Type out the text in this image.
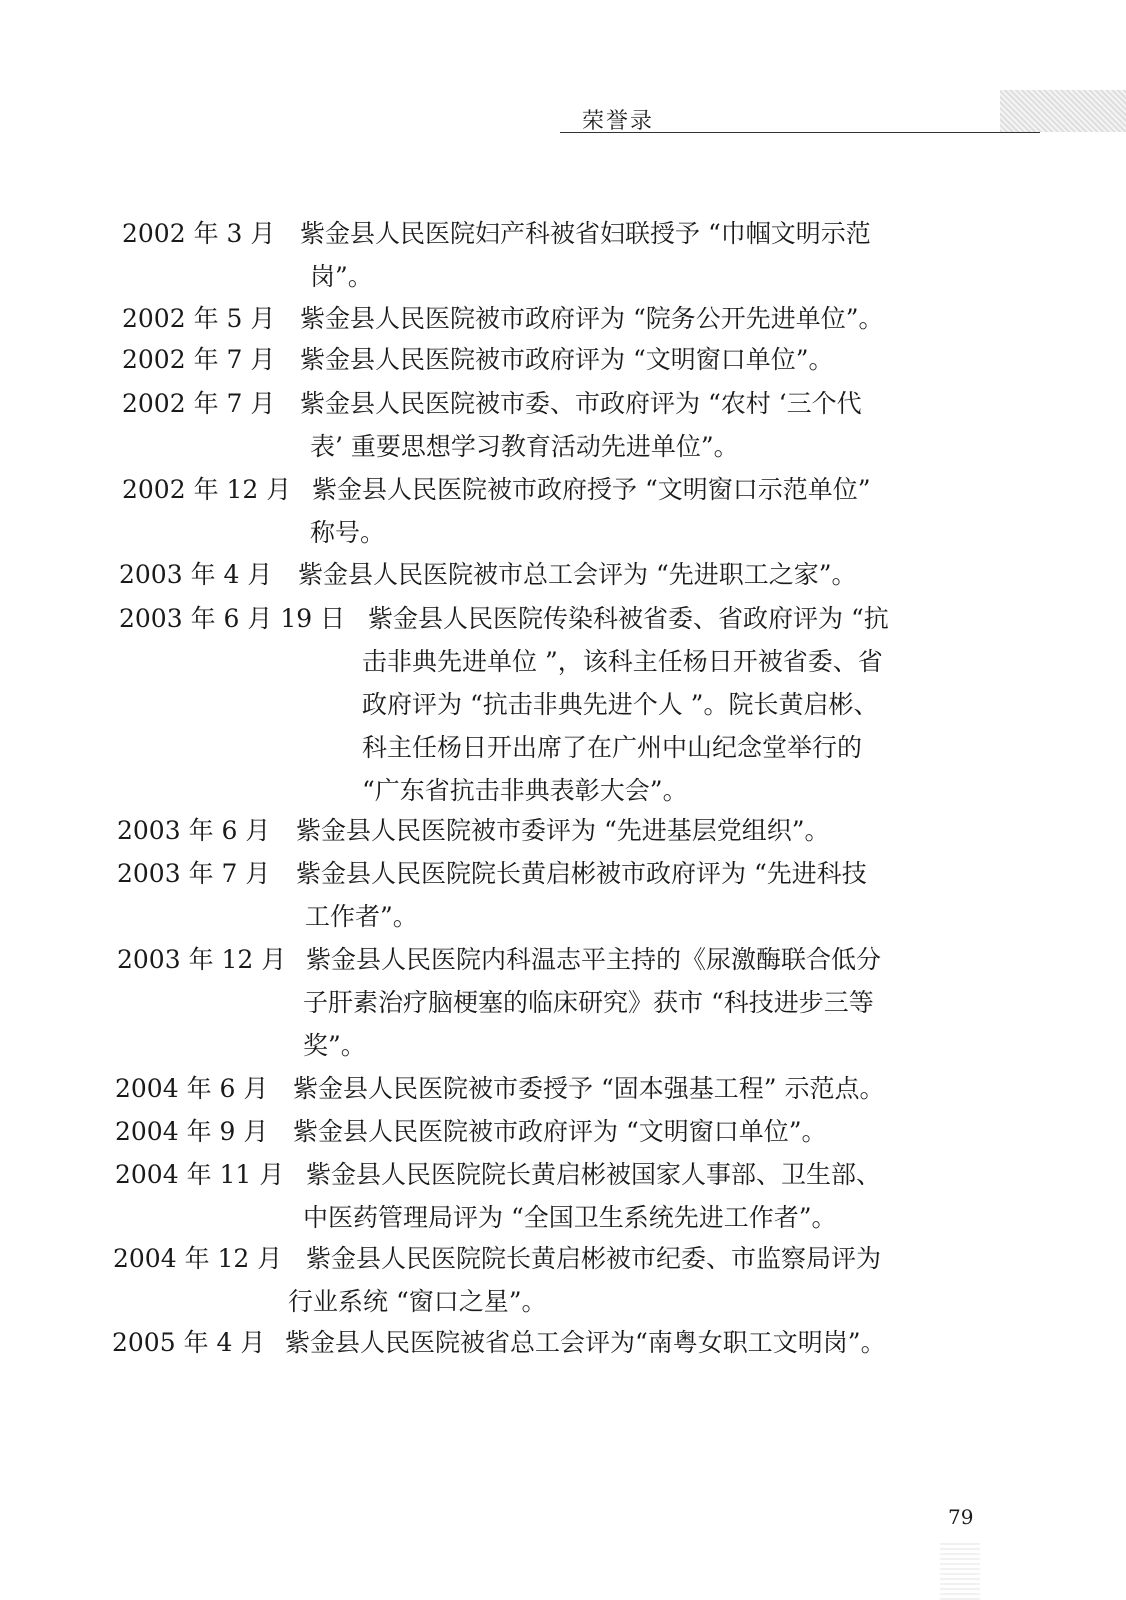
荣誉录
2002 年 3 月 紫金县人民医院妇产科被省妇联授予 “巾帼文明示范
岗”。
2002 年 5 月 紫金县人民医院被市政府评为 “院务公开先进单位”。
2002 年 7 月 紫金县人民医院被市政府评为 “文明窗口单位”。
2002 年 7 月 紫金县人民医院被市委、市政府评为 “农村 ‘三个代
表’ 重要思想学习教育活动先进单位”。
2002 年 12 月 紫金县人民医院被市政府授予 “文明窗口示范单位”
称号。
2003 年 4 月 紫金县人民医院被市总工会评为 “先进职工之家”。
2003 年 6 月 19 日 紫金县人民医院传染科被省委、省政府评为 “抗
击非典先进单位 ”，该科主任杨日开被省委、省
政府评为 “抗击非典先进个人 ”。院长黄启彬、
科主任杨日开出席了在广州中山纪念堂举行的
“广东省抗击非典表彰大会”。
2003 年 6 月 紫金县人民医院被市委评为 “先进基层党组织”。
2003 年 7 月 紫金县人民医院院长黄启彬被市政府评为 “先进科技
工作者”。
2003 年 12 月 紫金县人民医院内科温志平主持的《尿激酶联合低分
子肝素治疗脑梗塞的临床研究》获市 “科技进步三等
奖”。
2004 年 6 月 紫金县人民医院被市委授予 “固本强基工程” 示范点。
2004 年 9 月 紫金县人民医院被市政府评为 “文明窗口单位”。
2004 年 11 月 紫金县人民医院院长黄启彬被国家人事部、卫生部、
中医药管理局评为 “全国卫生系统先进工作者”。
2004 年 12 月 紫金县人民医院院长黄启彬被市纪委、市监察局评为
行业系统 “窗口之星”。
2005 年 4 月 紫金县人民医院被省总工会评为“南粤女职工文明岗”。
79
